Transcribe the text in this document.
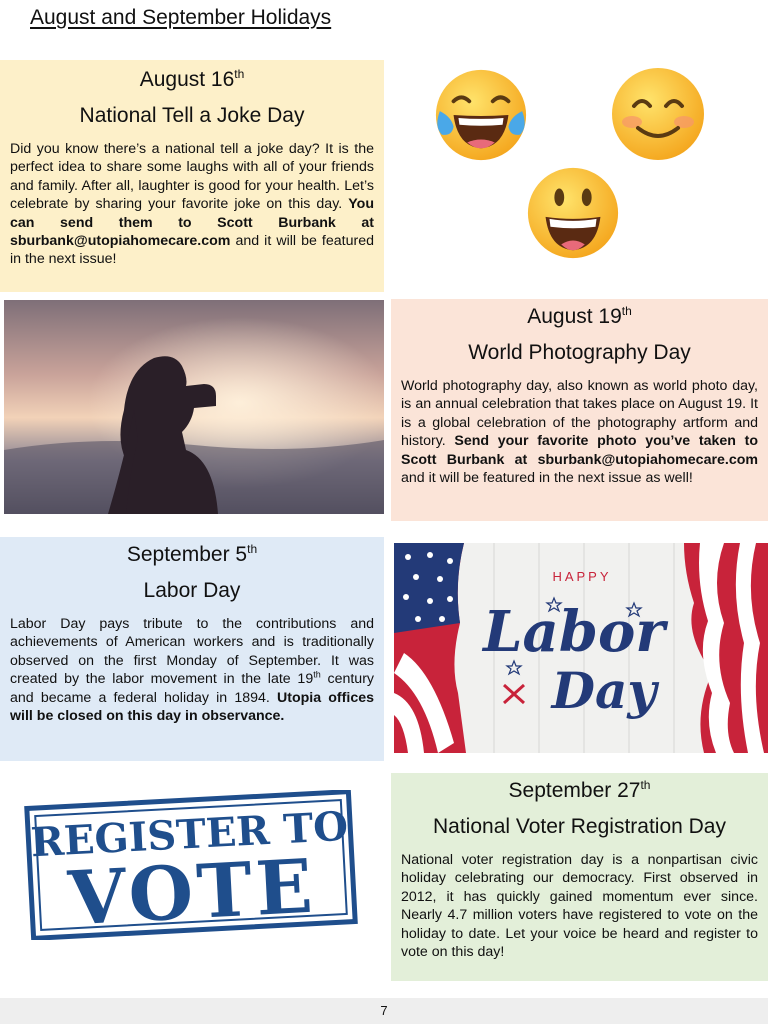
August and September Holidays
August 16th
National Tell a Joke Day
Did you know there’s a national tell a joke day? It is the perfect idea to share some laughs with all of your friends and family. After all, laughter is good for your health. Let’s celebrate by sharing your favorite joke on this day. You can send them to Scott Burbank at sburbank@utopiahomecare.com and it will be featured in the next issue!
August 19th
World Photography Day
World photography day, also known as world photo day, is an annual celebration that takes place on August 19. It is a global celebration of the photography artform and history. Send your favorite photo you’ve taken to Scott Burbank at sburbank@utopiahomecare.com and it will be featured in the next issue as well!
September 5th
Labor Day
Labor Day pays tribute to the contributions and achievements of American workers and is traditionally observed on the first Monday of September. It was created by the labor movement in the late 19th century and became a federal holiday in 1894. Utopia offices will be closed on this day in observance.
HAPPY
Labor
Day
September 27th
National Voter Registration Day
National voter registration day is a nonpartisan civic holiday celebrating our democracy. First observed in 2012, it has quickly gained momentum ever since. Nearly 4.7 million voters have registered to vote on the holiday to date. Let your voice be heard and register to vote on this day!
REGISTER TO
VOTE
7
